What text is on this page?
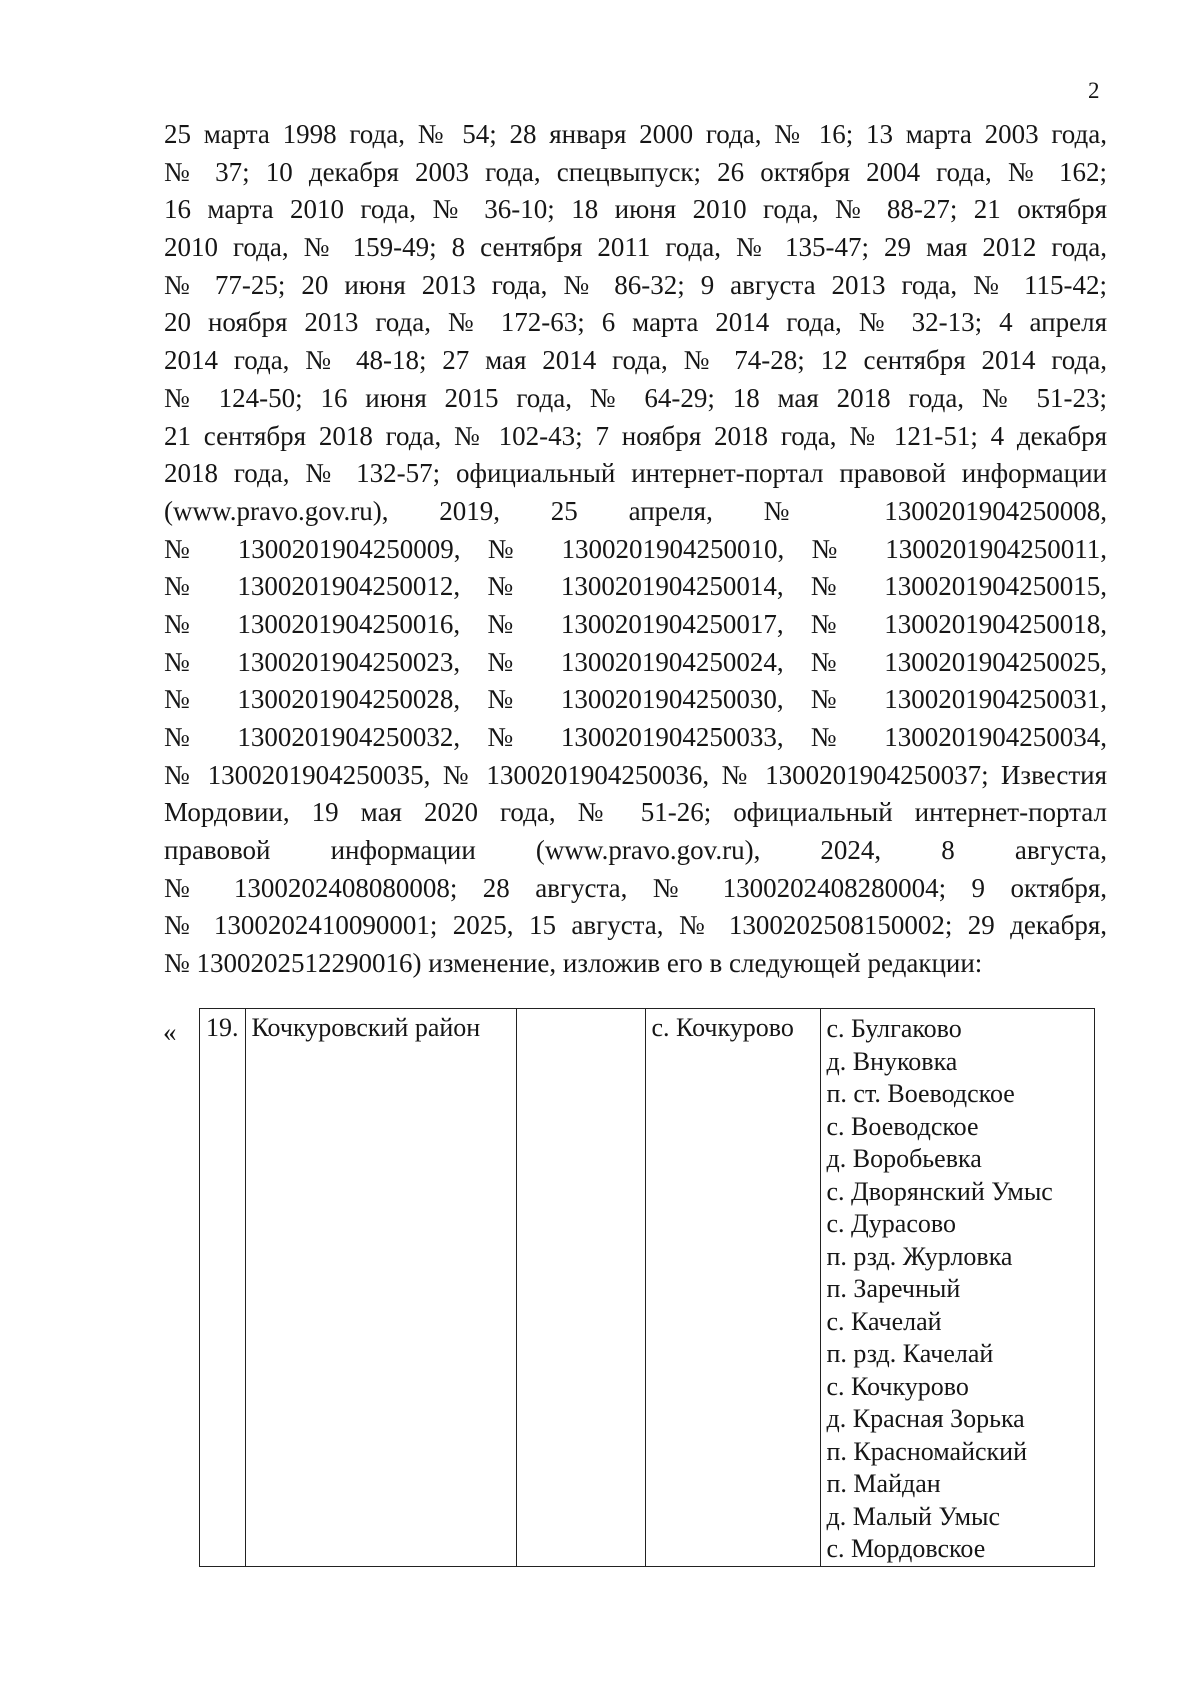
2
25 марта 1998 года, № 54; 28 января 2000 года, № 16; 13 марта 2003 года,
№ 37; 10 декабря 2003 года, спецвыпуск; 26 октября 2004 года, № 162;
16 марта 2010 года, № 36-10; 18 июня 2010 года, № 88-27; 21 октября
2010 года, № 159-49; 8 сентября 2011 года, № 135-47; 29 мая 2012 года,
№ 77-25; 20 июня 2013 года, № 86-32; 9 августа 2013 года, № 115-42;
20 ноября 2013 года, № 172-63; 6 марта 2014 года, № 32-13; 4 апреля
2014 года, № 48-18; 27 мая 2014 года, № 74-28; 12 сентября 2014 года,
№ 124-50; 16 июня 2015 года, № 64-29; 18 мая 2018 года, № 51-23;
21 сентября 2018 года, № 102-43; 7 ноября 2018 года, № 121-51; 4 декабря
2018 года, № 132-57; официальный интернет-портал правовой информации
(www.pravo.gov.ru), 2019, 25 апреля, № 1300201904250008,
№ 1300201904250009, № 1300201904250010, № 1300201904250011,
№ 1300201904250012, № 1300201904250014, № 1300201904250015,
№ 1300201904250016, № 1300201904250017, № 1300201904250018,
№ 1300201904250023, № 1300201904250024, № 1300201904250025,
№ 1300201904250028, № 1300201904250030, № 1300201904250031,
№ 1300201904250032, № 1300201904250033, № 1300201904250034,
№ 1300201904250035, № 1300201904250036, № 1300201904250037; Известия
Мордовии, 19 мая 2020 года, № 51-26; официальный интернет-портал
правовой информации (www.pravo.gov.ru), 2024, 8 августа,
№ 1300202408080008; 28 августа, № 1300202408280004; 9 октября,
№ 1300202410090001; 2025, 15 августа, № 1300202508150002; 29 декабря,
№ 1300202512290016) изменение, изложив его в следующей редакции:
« 19.	Кочкуровский район		с. Кочкурово	с. Булгаково
д. Внуковка
п. ст. Воеводское
с. Воеводское
д. Воробьевка
с. Дворянский Умыс
с. Дурасово
п. рзд. Журловка
п. Заречный
с. Качелай
п. рзд. Качелай
с. Кочкурово
д. Красная Зорька
п. Красномайский
п. Майдан
д. Малый Умыс
с. Мордовское
